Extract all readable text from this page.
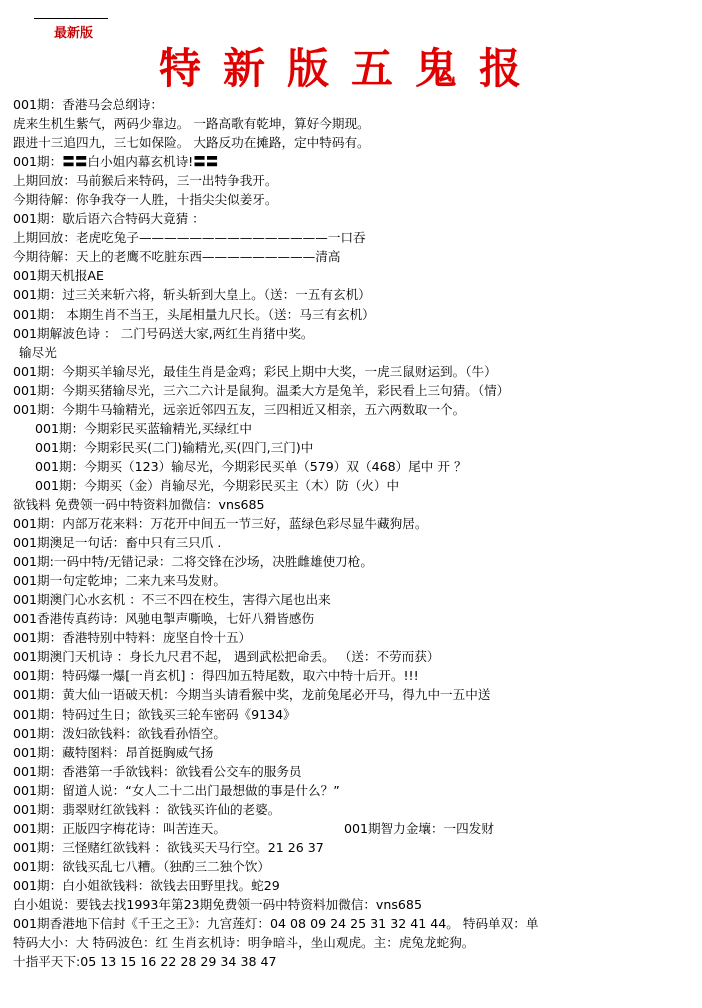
最新版
特新版五鬼报
001期：香港马会总纲诗：
虎来生机生紫气，两码少靠边。 一路高歌有乾坤，算好今期现。
跟进十三追四九，三七如保险。 大路反功在摊路，定中特码有。
001期：〓〓白小姐内幕玄机诗!〓〓
上期回放：马前猴后来特码，三一出特争我开。
今期待解：你争我夺一人胜，十指尖尖似姜牙。
001期：歇后语六合特码大竟猜 ：
上期回放：老虎吃兔子———————————————一口吞
今期待解：天上的老鹰不吃脏东西—————————清高
001期天机报AE
001期：过三关来斩六将，斩头斩到大皇上。（送：一五有玄机）
001期： 本期生肖不当王，头尾相量九尺长。（送：马三有玄机）
001期解波色诗 ： 二门号码送大家,两红生肖猪中奖。
输尽光
001期：今期买羊输尽光，最佳生肖是金鸡；彩民上期中大奖，一虎三鼠财运到。（牛）
001期：今期买猪输尽光，三六二六计是鼠狗。温柔大方是兔羊，彩民看上三句猜。（情）
001期：今期牛马输精光，远亲近邻四五友，三四相近又相亲，五六两数取一个。
001期：今期彩民买蓝输精光,买绿红中
001期：今期彩民买(二门)输精光,买(四门,三门)中
001期：今期买（123）输尽光，今期彩民买单（579）双（468）尾中 开 ？
001期：今期买（金）肖输尽光，今期彩民买主（木）防（火）中
欲钱料 免费领一码中特资料加微信：vns685
001期：内部万花来料：万花开中间五一节三好，蓝绿色彩尽显牛藏狗居。
001期澳足一句话：畜中只有三只爪 .
001期:一码中特/无错记录：二将交锋在沙场，决胜雌雄使刀枪。
001期一句定乾坤；二来九来马发财。
001期澳门心水玄机 ：不三不四在校生，害得六尾也出来
001香港传真药诗：风驰电掣声嘶唤，七奸八猾皆感伤
001期：香港特别中特料：庞坚自怜十五）
001期澳门天机诗 ：身长九尺君不起， 遇到武松把命丢。 （送：不劳而获）
001期：特码爆一爆[一肖玄机] ：得四加五特尾数，取六中特十后开。!!!
001期：黄大仙一语破天机：今期当头请看猴中奖，龙前兔尾必开马，得九中一五中送
001期：特码过生日；欲钱买三轮车密码《9134》
001期：泼妇欲钱料：欲钱看孙悟空。
001期：藏特图料：昂首挺胸威气扬
001期：香港第一手欲钱料：欲钱看公交车的服务员
001期：留道人说：“女人二十二出门最想做的事是什么？”
001期：翡翠财红欲钱料 ：欲钱买许仙的老婆。
001期：正版四字梅花诗：叫苦连天。	001期智力金壤：一四发财
001期：三怪赌红欲钱料 ：欲钱买天马行空。21 26 37
001期：欲钱买乱七八糟。（独酌三二独个饮）
001期：白小姐欲钱料：欲钱去田野里找。蛇29
白小姐说：要钱去找1993年第23期免费领一码中特资料加微信：vns685
001期香港地下信封《千王之王》：九宫莲灯：04 08 09 24 25 31 32 41 44。 特码单双：单
特码大小：大 特码波色：红 生肖玄机诗：明争暗斗，坐山观虎。主：虎兔龙蛇狗。
十指平天下:05 13 15 16 22 28 29 34 38 47
